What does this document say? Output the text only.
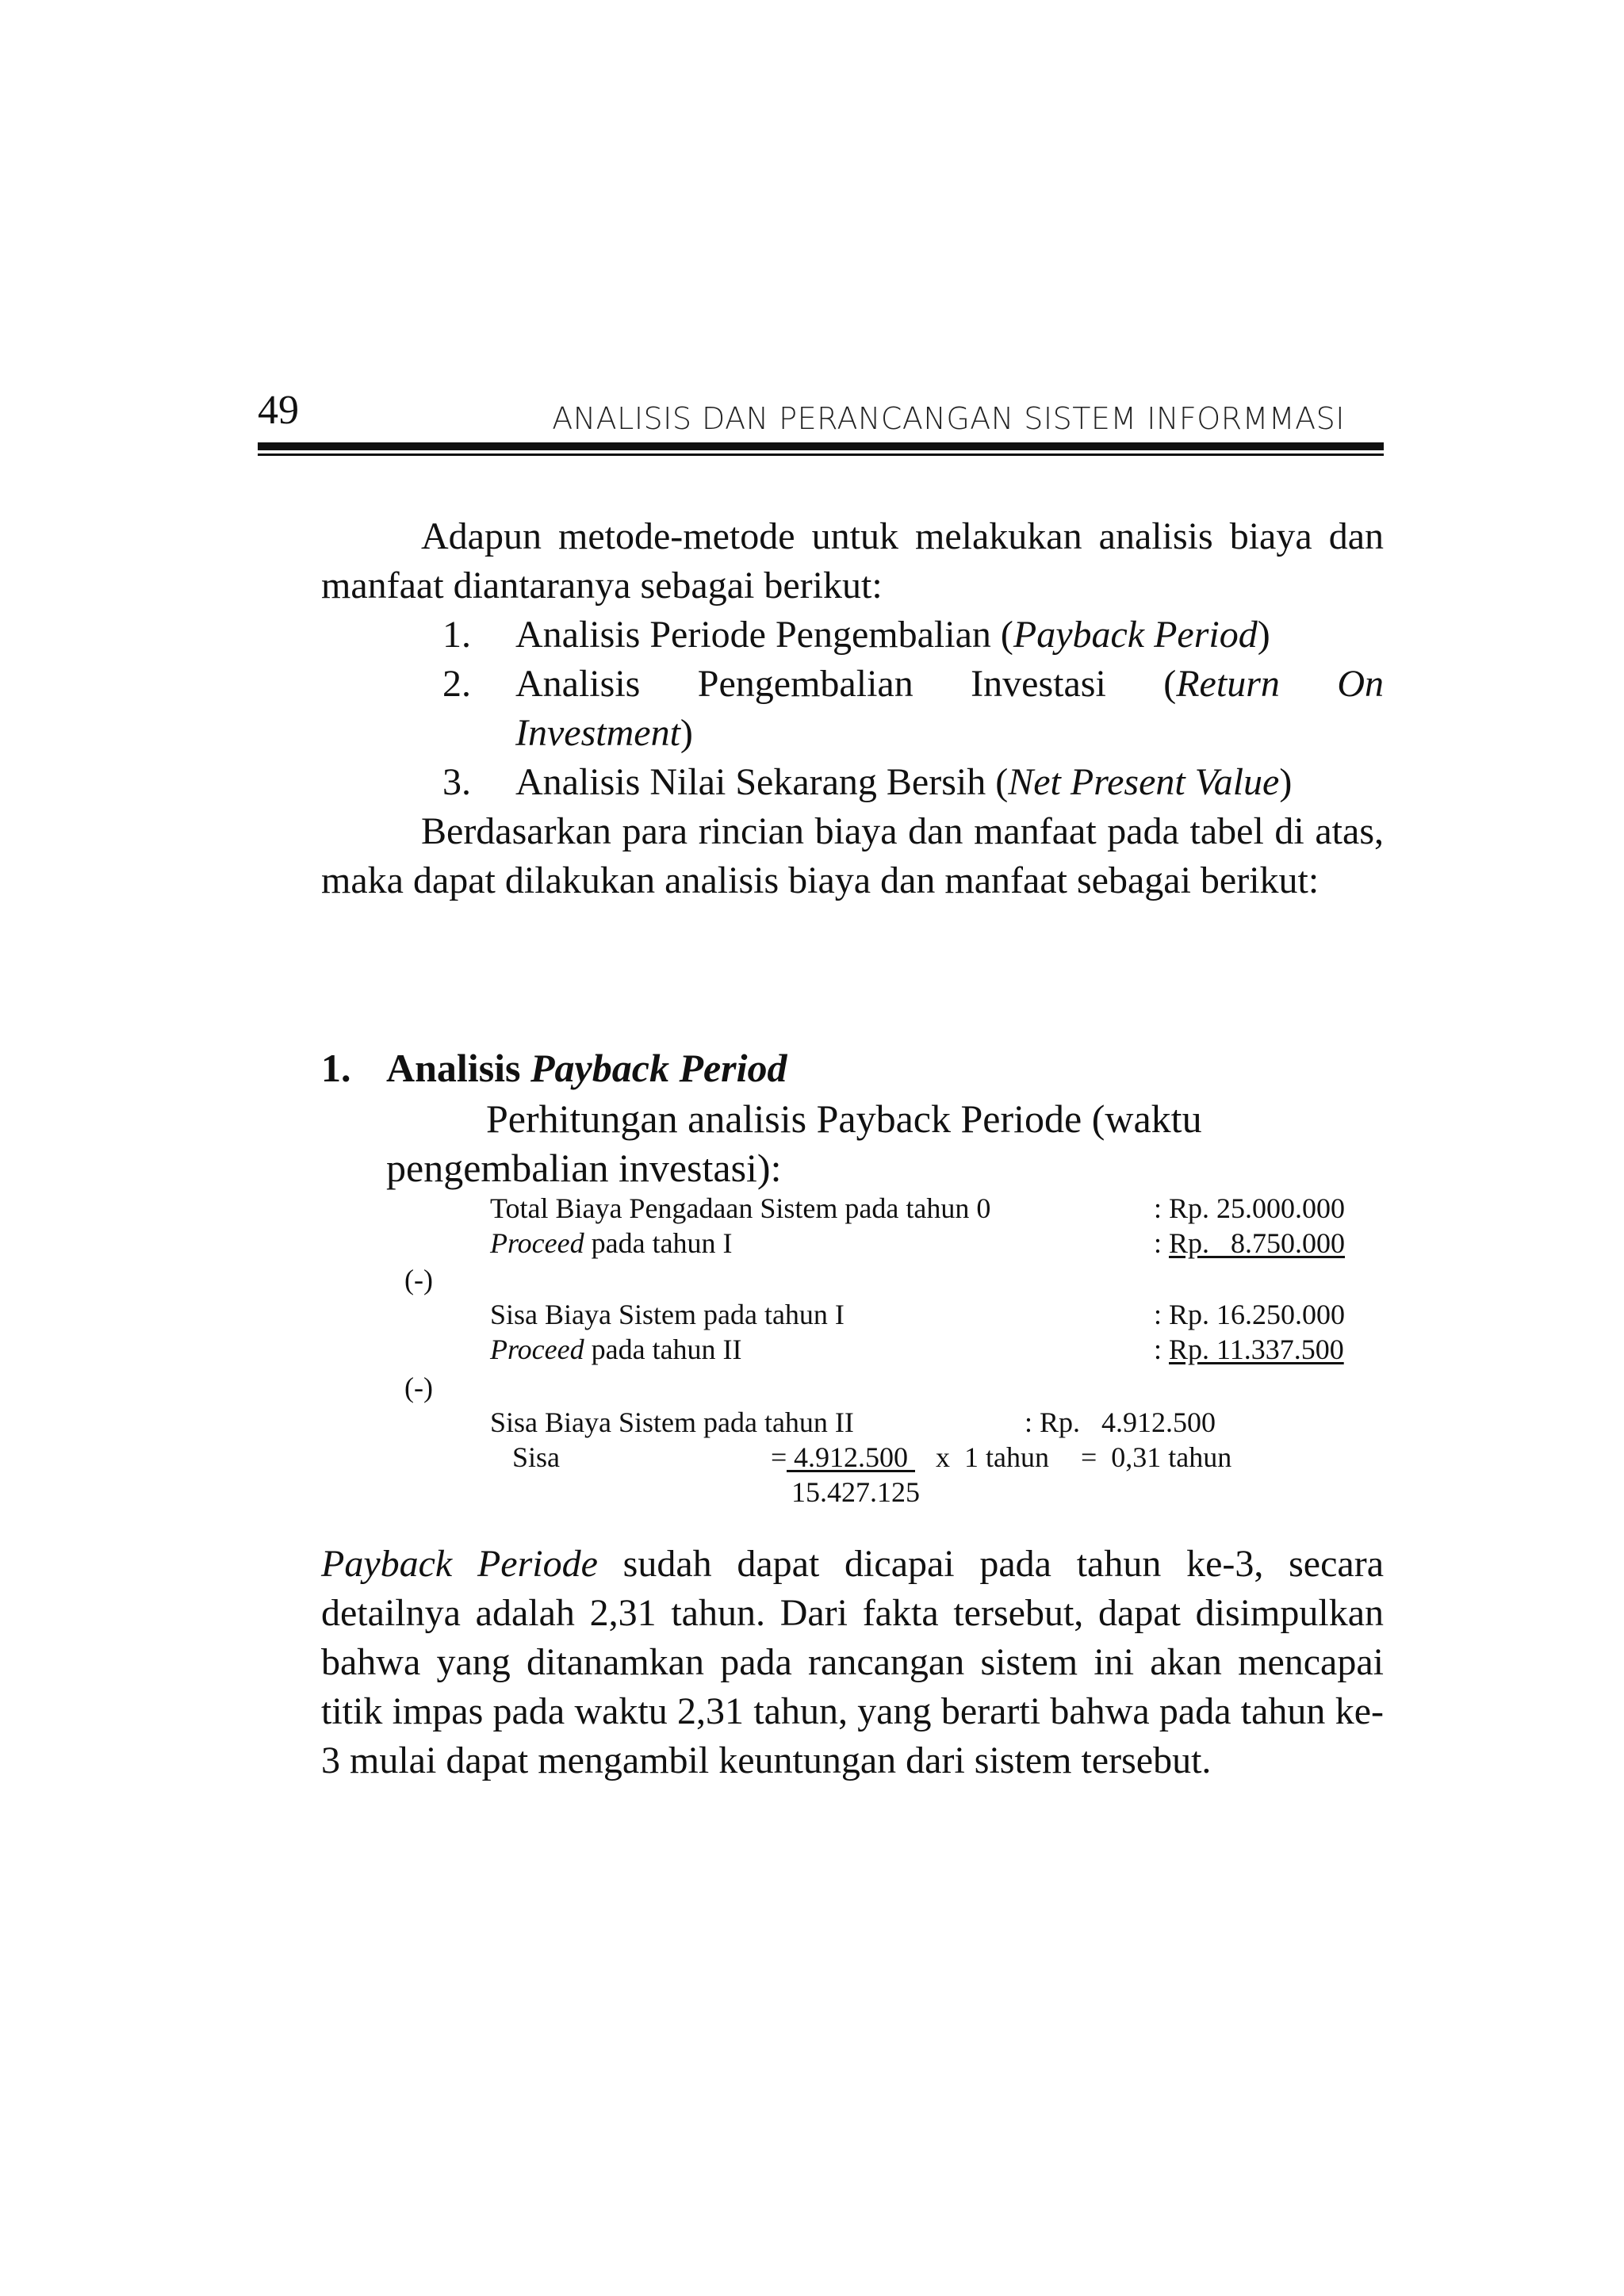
49	ANALISIS DAN PERANCANGAN SISTEM INFORMMASI

Adapun metode-metode untuk melakukan analisis biaya dan manfaat diantaranya sebagai berikut:

1. Analisis Periode Pengembalian (Payback Period)
2. Analisis Pengembalian Investasi (Return On
Investment)
3. Analisis Nilai Sekarang Bersih (Net Present Value)

Berdasarkan para rincian biaya dan manfaat pada tabel di atas, maka dapat dilakukan analisis biaya dan manfaat sebagai berikut:

1. Analisis Payback Period

Perhitungan analisis Payback Periode (waktu pengembalian investasi):

Total Biaya Pengadaan Sistem pada tahun 0	: Rp. 25.000.000
Proceed pada tahun I	: Rp.   8.750.000
(-)
Sisa Biaya Sistem pada tahun I	: Rp. 16.250.000
Proceed pada tahun II	: Rp. 11.337.500
(-)
Sisa Biaya Sistem pada tahun II	: Rp.   4.912.500
Sisa	= 4.912.500 x 1 tahun =  0,31 tahun
15.427.125

Payback Periode sudah dapat dicapai pada tahun ke-3, secara detailnya adalah 2,31 tahun. Dari fakta tersebut, dapat disimpulkan bahwa yang ditanamkan pada rancangan sistem ini akan mencapai titik impas pada waktu 2,31 tahun, yang berarti bahwa pada tahun ke-3 mulai dapat mengambil keuntungan dari sistem tersebut.
